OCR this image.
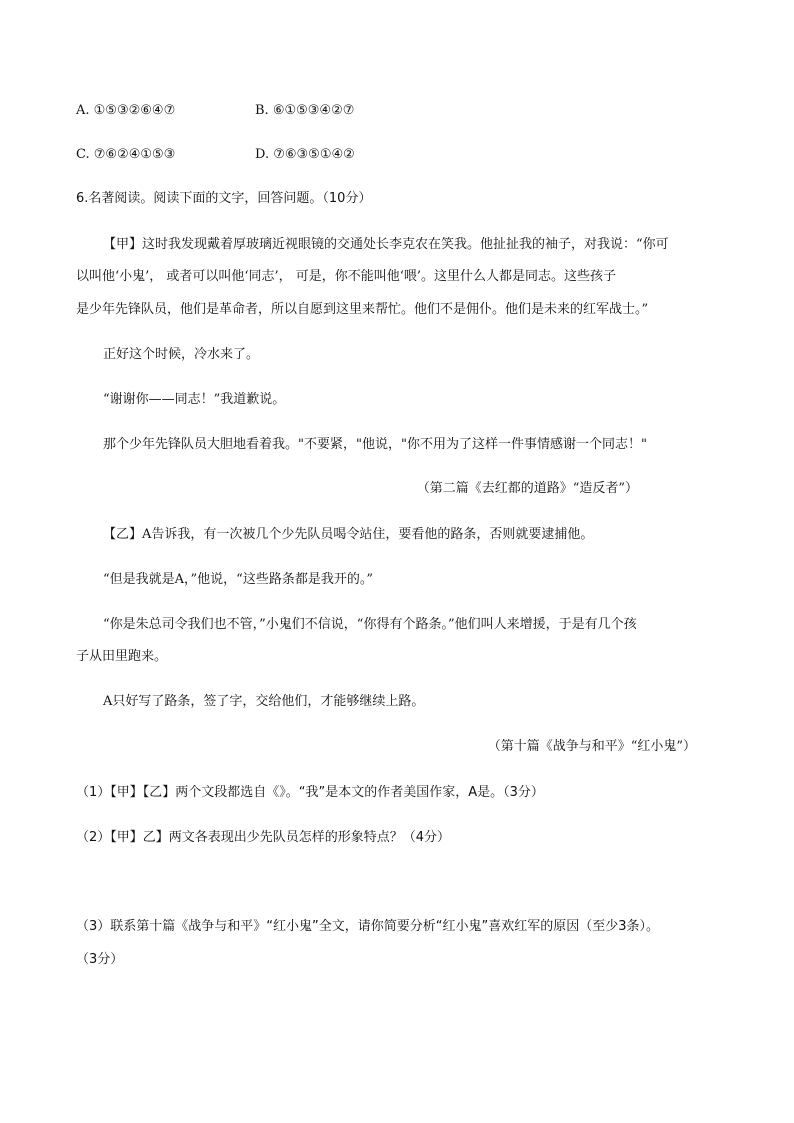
A. ①⑤③②⑥④⑦	B. ⑥①⑤③④②⑦
C. ⑦⑥②④①⑤③	D. ⑦⑥③⑤①④②
6.名著阅读。阅读下面的文字，回答问题。（10分）
【甲】这时我发现戴着厚玻璃近视眼镜的交通处长李克农在笑我。他扯扯我的袖子，对我说：“你可
以叫他‘小鬼’， 或者可以叫他‘同志’， 可是，你不能叫他‘喂’。这里什么人都是同志。这些孩子
是少年先锋队员，他们是革命者，所以自愿到这里来帮忙。他们不是佣仆。他们是未来的红军战士。”
正好这个时候，冷水来了。
“谢谢你——同志！”我道歉说。
那个少年先锋队员大胆地看着我。"不要紧，"他说，"你不用为了这样一件事情感谢一个同志！"
（第二篇《去红都的道路》“造反者”）
【乙】A告诉我，有一次被几个少先队员喝令站住，要看他的路条，否则就要逮捕他。
“但是我就是A，”他说，“这些路条都是我开的。”
“你是朱总司令我们也不管，”小鬼们不信说，“你得有个路条。”他们叫人来增援，于是有几个孩
子从田里跑来。
A只好写了路条，签了字，交给他们，才能够继续上路。
（第十篇《战争与和平》“红小鬼”）
（1）【甲】【乙】两个文段都选自《》。“我”是本文的作者美国作家，A是。（3分）
（2）【甲】乙】两文各表现出少先队员怎样的形象特点？（4分）
（3）联系第十篇《战争与和平》“红小鬼”全文，请你简要分析“红小鬼”喜欢红军的原因（至少3条）。
（3分）
